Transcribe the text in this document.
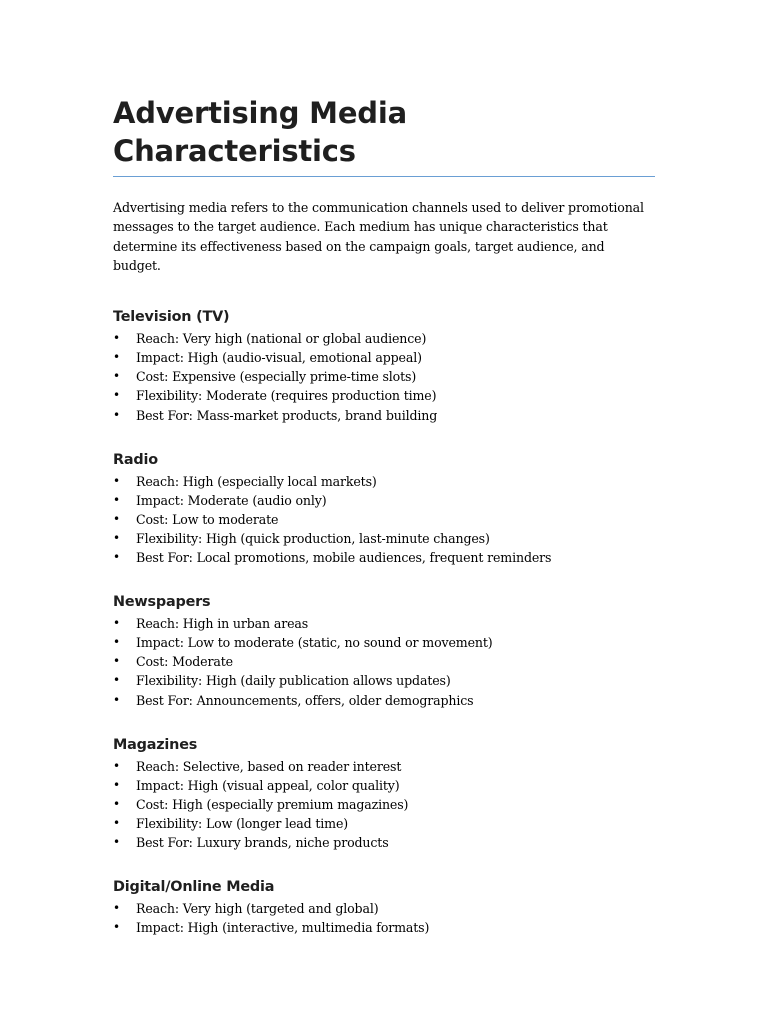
Advertising Media Characteristics

Advertising media refers to the communication channels used to deliver promotional messages to the target audience. Each medium has unique characteristics that determine its effectiveness based on the campaign goals, target audience, and budget.

Television (TV)
• Reach: Very high (national or global audience)
• Impact: High (audio-visual, emotional appeal)
• Cost: Expensive (especially prime-time slots)
• Flexibility: Moderate (requires production time)
• Best For: Mass-market products, brand building
Radio
• Reach: High (especially local markets)
• Impact: Moderate (audio only)
• Cost: Low to moderate
• Flexibility: High (quick production, last-minute changes)
• Best For: Local promotions, mobile audiences, frequent reminders
Newspapers
• Reach: High in urban areas
• Impact: Low to moderate (static, no sound or movement)
• Cost: Moderate
• Flexibility: High (daily publication allows updates)
• Best For: Announcements, offers, older demographics
Magazines
• Reach: Selective, based on reader interest
• Impact: High (visual appeal, color quality)
• Cost: High (especially premium magazines)
• Flexibility: Low (longer lead time)
• Best For: Luxury brands, niche products
Digital/Online Media
• Reach: Very high (targeted and global)
• Impact: High (interactive, multimedia formats)
